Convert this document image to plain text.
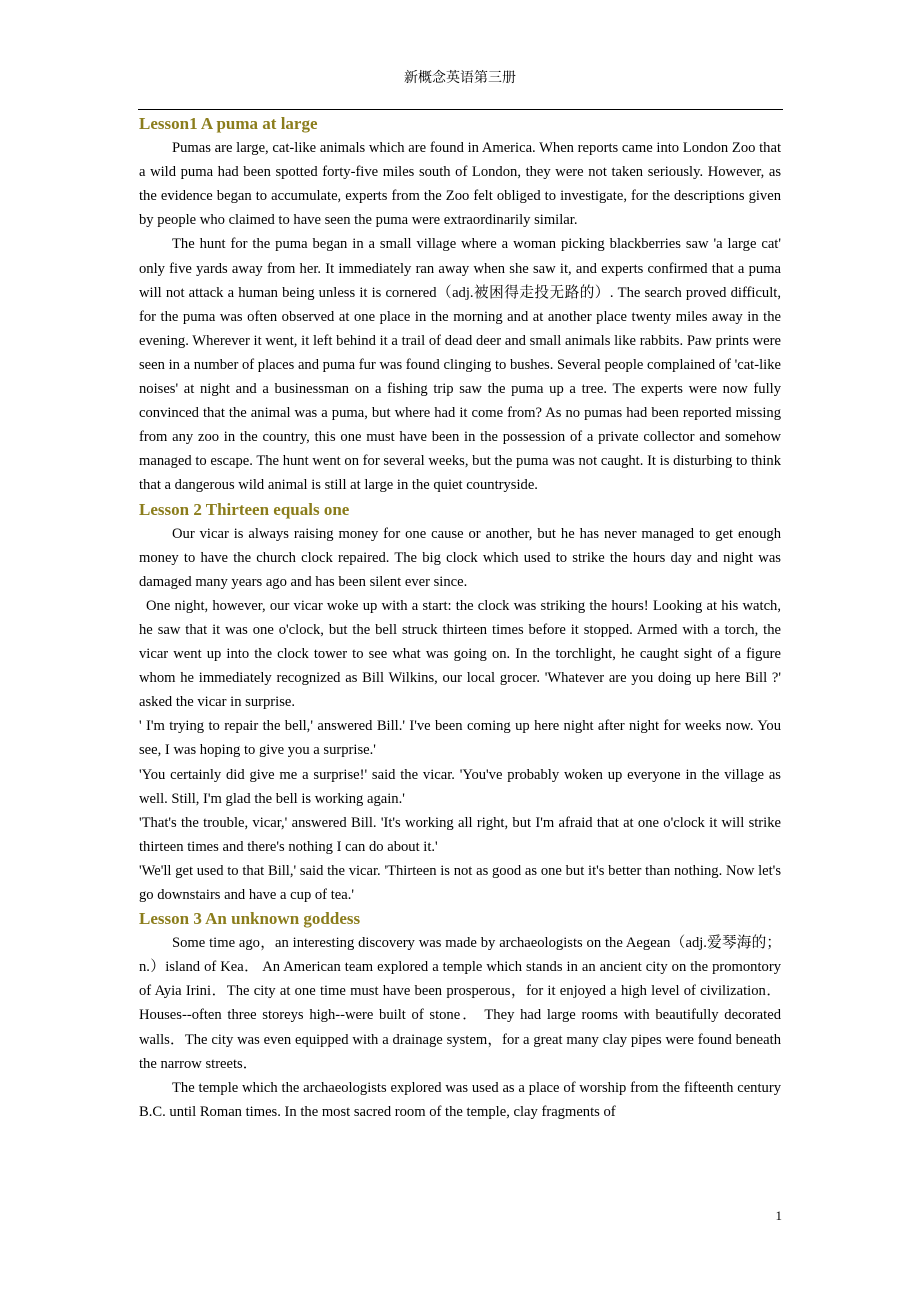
新概念英语第三册
Lesson1 A puma at large

Pumas are large, cat-like animals which are found in America. When reports came into London Zoo that a wild puma had been spotted forty-five miles south of London, they were not taken seriously. However, as the evidence began to accumulate, experts from the Zoo felt obliged to investigate, for the descriptions given by people who claimed to have seen the puma were extraordinarily similar.

The hunt for the puma began in a small village where a woman picking blackberries saw 'a large cat' only five yards away from her. It immediately ran away when she saw it, and experts confirmed that a puma will not attack a human being unless it is cornered（adj.被困得走投无路的）. The search proved difficult, for the puma was often observed at one place in the morning and at another place twenty miles away in the evening. Wherever it went, it left behind it a trail of dead deer and small animals like rabbits. Paw prints were seen in a number of places and puma fur was found clinging to bushes. Several people complained of 'cat-like noises' at night and a businessman on a fishing trip saw the puma up a tree. The experts were now fully convinced that the animal was a puma, but where had it come from? As no pumas had been reported missing from any zoo in the country, this one must have been in the possession of a private collector and somehow managed to escape. The hunt went on for several weeks, but the puma was not caught. It is disturbing to think that a dangerous wild animal is still at large in the quiet countryside.

Lesson 2 Thirteen equals one

Our vicar is always raising money for one cause or another, but he has never managed to get enough money to have the church clock repaired. The big clock which used to strike the hours day and night was damaged many years ago and has been silent ever since.

One night, however, our vicar woke up with a start: the clock was striking the hours! Looking at his watch, he saw that it was one o'clock, but the bell struck thirteen times before it stopped. Armed with a torch, the vicar went up into the clock tower to see what was going on. In the torchlight, he caught sight of a figure whom he immediately recognized as Bill Wilkins, our local grocer. 'Whatever are you doing up here Bill ?' asked the vicar in surprise.

' I'm trying to repair the bell,' answered Bill.' I've been coming up here night after night for weeks now. You see, I was hoping to give you a surprise.'

'You certainly did give me a surprise!' said the vicar. 'You've probably woken up everyone in the village as well. Still, I'm glad the bell is working again.'

'That's the trouble, vicar,' answered Bill. 'It's working all right, but I'm afraid that at one o'clock it will strike thirteen times and there's nothing I can do about it.'

'We'll get used to that Bill,' said the vicar. 'Thirteen is not as good as one but it's better than nothing. Now let's go downstairs and have a cup of tea.'

Lesson 3 An unknown goddess

Some time ago，an interesting discovery was made by archaeologists on the Aegean（adj.爱琴海的；n.）island of Kea． An American team explored a temple which stands in an ancient city on the promontory of Ayia Irini．The city at one time must have been prosperous，for it enjoyed a high level of civilization． Houses--often three storeys high--were built of stone． They had large rooms with beautifully decorated walls．The city was even equipped with a drainage system，for a great many clay pipes were found beneath the narrow streets．

The temple which the archaeologists explored was used as a place of worship from the fifteenth century B.C. until Roman times. In the most sacred room of the temple, clay fragments of

1
